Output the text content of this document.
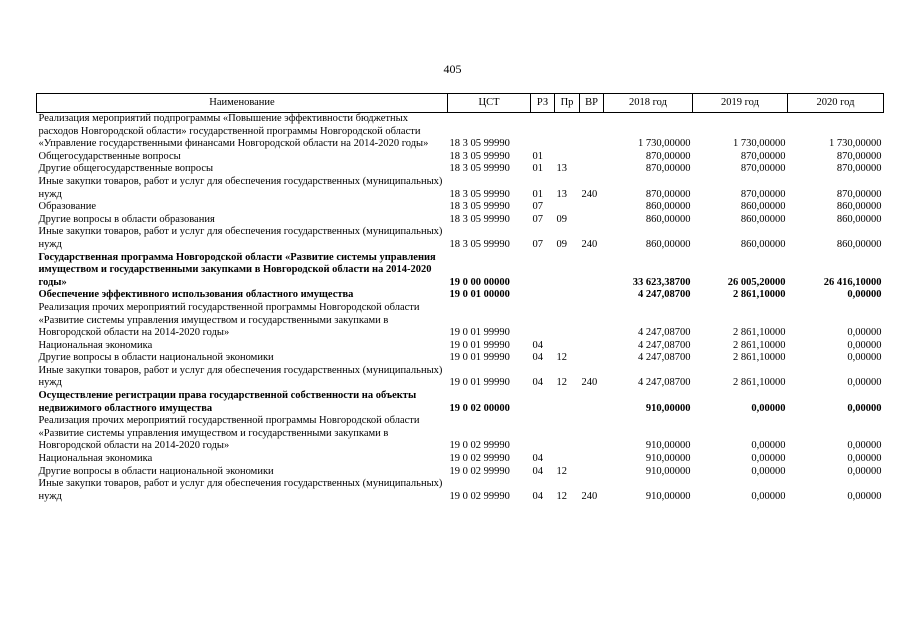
405
Наименование	ЦСТ	РЗ	Пр	ВР	2018 год	2019 год	2020 год
Реализация мероприятий подпрограммы «Повышение эффективности бюджетных расходов Новгородской области» государственной программы Новгородской области «Управление государственными финансами Новгородской области на 2014-2020 годы»	18 3 05 99990				1 730,00000	1 730,00000	1 730,00000
Общегосударственные вопросы	18 3 05 99990	01			870,00000	870,00000	870,00000
Другие общегосударственные вопросы	18 3 05 99990	01	13		870,00000	870,00000	870,00000
Иные закупки товаров, работ и услуг для обеспечения государственных (муниципальных) нужд	18 3 05 99990	01	13	240	870,00000	870,00000	870,00000
Образование	18 3 05 99990	07			860,00000	860,00000	860,00000
Другие вопросы в области образования	18 3 05 99990	07	09		860,00000	860,00000	860,00000
Иные закупки товаров, работ и услуг для обеспечения государственных (муниципальных) нужд	18 3 05 99990	07	09	240	860,00000	860,00000	860,00000
Государственная программа Новгородской области «Развитие системы управления имуществом и государственными закупками в Новгородской области на 2014-2020 годы»	19 0 00 00000				33 623,38700	26 005,20000	26 416,10000
Обеспечение эффективного использования областного имущества	19 0 01 00000				4 247,08700	2 861,10000	0,00000
Реализация прочих мероприятий государственной программы Новгородской области «Развитие системы управления имуществом и государственными закупками в Новгородской области на 2014-2020 годы»	19 0 01 99990				4 247,08700	2 861,10000	0,00000
Национальная экономика	19 0 01 99990	04			4 247,08700	2 861,10000	0,00000
Другие вопросы в области национальной экономики	19 0 01 99990	04	12		4 247,08700	2 861,10000	0,00000
Иные закупки товаров, работ и услуг для обеспечения государственных (муниципальных) нужд	19 0 01 99990	04	12	240	4 247,08700	2 861,10000	0,00000
Осуществление регистрации права государственной собственности на объекты недвижимого областного имущества	19 0 02 00000				910,00000	0,00000	0,00000
Реализация прочих мероприятий государственной программы Новгородской области «Развитие системы управления имуществом и государственными закупками в Новгородской области на 2014-2020 годы»	19 0 02 99990				910,00000	0,00000	0,00000
Национальная экономика	19 0 02 99990	04			910,00000	0,00000	0,00000
Другие вопросы в области национальной экономики	19 0 02 99990	04	12		910,00000	0,00000	0,00000
Иные закупки товаров, работ и услуг для обеспечения государственных (муниципальных) нужд	19 0 02 99990	04	12	240	910,00000	0,00000	0,00000
